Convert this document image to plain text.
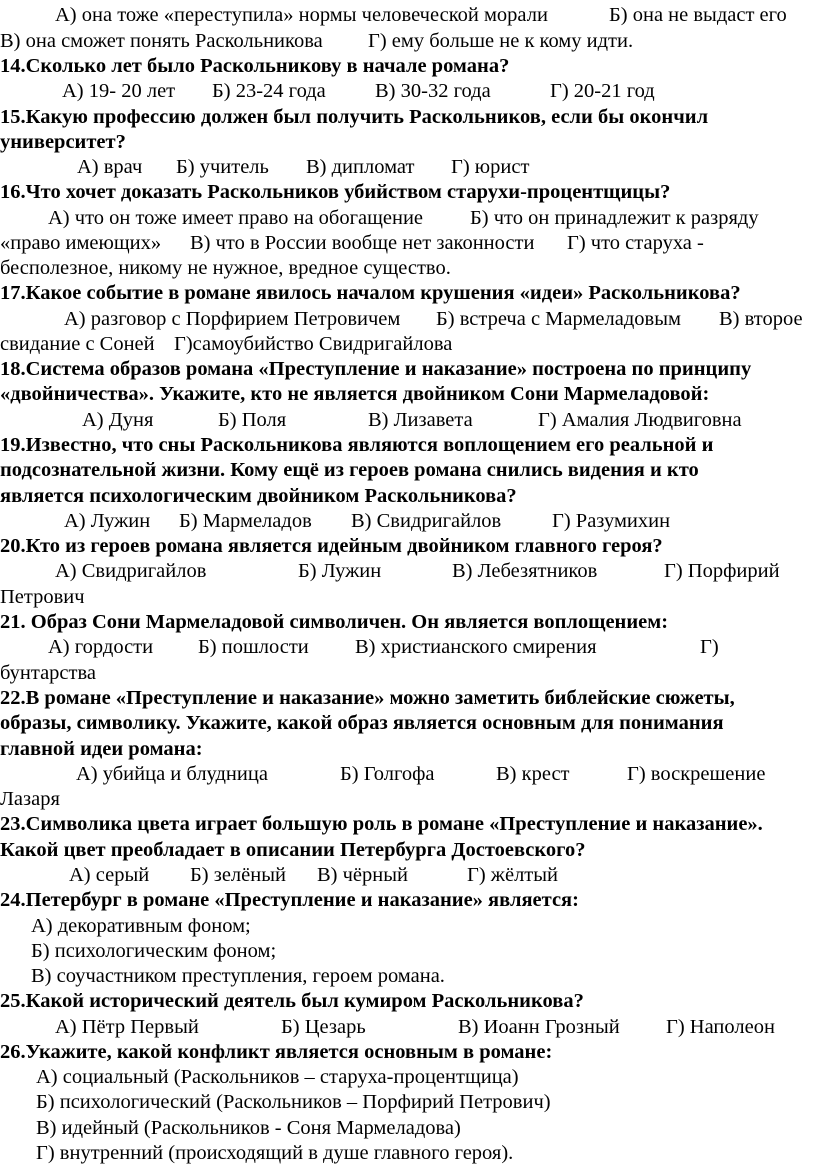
А) она тоже «переступила» нормы человеческой морали	Б) она не выдаст его
В) она сможет понять Раскольникова Г) ему больше не к кому идти.
14.Сколько лет было Раскольникову в начале романа?
А) 19- 20 лет Б) 23-24 года В) 30-32 года	Г) 20-21 год
15.Какую профессию должен был получить Раскольников, если бы окончил
университет?
А) врач Б) учитель В) дипломат Г) юрист
16.Что хочет доказать Раскольников убийством старухи-процентщицы?
А) что он тоже имеет право на обогащение Б) что он принадлежит к разряду
«право имеющих» В) что в России вообще нет законности Г) что старуха -
бесполезное, никому не нужное, вредное существо.
17.Какое событие в романе явилось началом крушения «идеи» Раскольникова?
А) разговор с Порфирием Петровичем Б) встреча с Мармеладовым В) второе
свидание с Соней Г)самоубийство Свидригайлова
18.Система образов романа «Преступление и наказание» построена по принципу
«двойничества». Укажите, кто не является двойником Сони Мармеладовой:
А) Дуня	Б) Поля	В) Лизавета	Г) Амалия Людвиговна
19.Известно, что сны Раскольникова являются воплощением его реальной и
подсознательной жизни. Кому ещё из героев романа снились видения и кто
является психологическим двойником Раскольникова?
А) Лужин Б) Мармеладов В) Свидригайлов Г) Разумихин
20.Кто из героев романа является идейным двойником главного героя?
А) Свидригайлов	Б) Лужин	В) Лебезятников	Г) Порфирий
Петрович
21. Образ Сони Мармеладовой символичен. Он является воплощением:
А) гордости Б) пошлости В) христианского смирения	Г)
бунтарства
22.В романе «Преступление и наказание» можно заметить библейские сюжеты,
образы, символику. Укажите, какой образ является основным для понимания
главной идеи романа:
А) убийца и блудница	Б) Голгофа	В) крест	Г) воскрешение
Лазаря
23.Символика цвета играет большую роль в романе «Преступление и наказание».
Какой цвет преобладает в описании Петербурга Достоевского?
А) серый Б) зелёный В) чёрный	Г) жёлтый
24.Петербург в романе «Преступление и наказание» является:
А) декоративным фоном;
Б) психологическим фоном;
В) соучастником преступления, героем романа.
25.Какой исторический деятель был кумиром Раскольникова?
А) Пётр Первый	Б) Цезарь	В) Иоанн Грозный Г) Наполеон
26.Укажите, какой конфликт является основным в романе:
А) социальный (Раскольников – старуха-процентщица)
Б) психологический (Раскольников – Порфирий Петрович)
В) идейный (Раскольников - Соня Мармеладова)
Г) внутренний (происходящий в душе главного героя).
